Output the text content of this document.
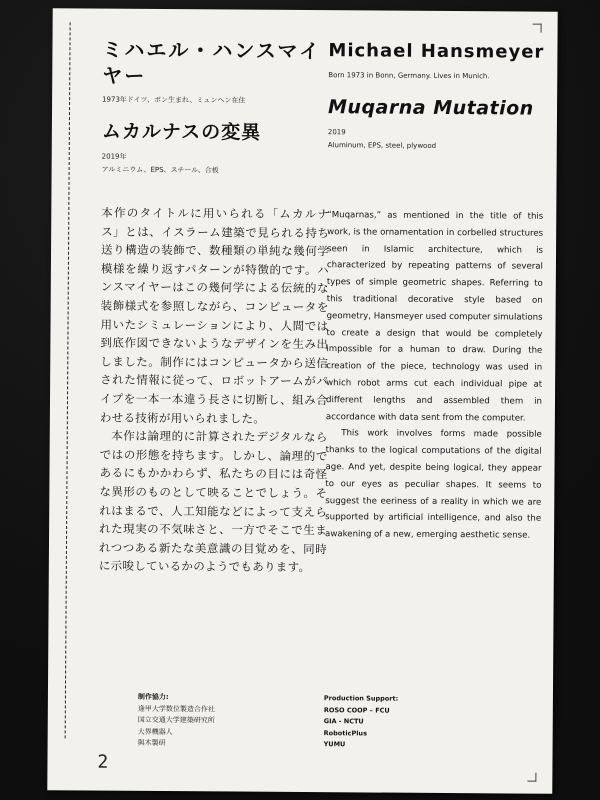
ミハエル・ハンスマイヤー
1973年ドイツ、ボン生まれ、ミュンヘン在住
ムカルナスの変異
2019年
アルミニウム、EPS、スチール、合板
Michael Hansmeyer
Born 1973 in Bonn, Germany. Lives in Munich.
Muqarna Mutation
2019
Aluminum, EPS, steel, plywood

本作のタイトルに用いられる「ムカルナス」とは、イスラーム建築で見られる持ち送り構造の装飾で、数種類の単純な幾何学模様を繰り返すパターンが特徴的です。ハンスマイヤーはこの幾何学による伝統的な装飾様式を参照しながら、コンピュータを用いたシミュレーションにより、人間では到底作図できないようなデザインを生み出しました。制作にはコンピュータから送信された情報に従って、ロボットアームがパイプを一本一本違う長さに切断し、組み合わせる技術が用いられました。

本作は論理的に計算されたデジタルならではの形態を持ちます。しかし、論理的であるにもかかわらず、私たちの目には奇怪な異形のものとして映ることでしょう。それはまるで、人工知能などによって支えられた現実の不気味さと、一方でそこで生まれつつある新たな美意識の目覚めを、同時に示唆しているかのようでもあります。

“Muqarnas,” as mentioned in the title of this work, is the ornamentation in corbelled structures seen in Islamic architecture, which is characterized by repeating patterns of several types of simple geometric shapes. Referring to this traditional decorative style based on geometry, Hansmeyer used computer simulations to create a design that would be completely impossible for a human to draw. During the creation of the piece, technology was used in which robot arms cut each individual pipe at different lengths and assembled them in accordance with data sent from the computer.

This work involves forms made possible thanks to the logical computations of the digital age. And yet, despite being logical, they appear to our eyes as peculiar shapes. It seems to suggest the eeriness of a reality in which we are supported by artificial intelligence, and also the awakening of a new, emerging aesthetic sense.

制作協力:
逢甲大学数位製造合作社
国立交通大学建築研究所
大界機器人
與木製研
Production Support:
ROSO COOP – FCU
GIA - NCTU
RoboticPlus
YUMU
2
